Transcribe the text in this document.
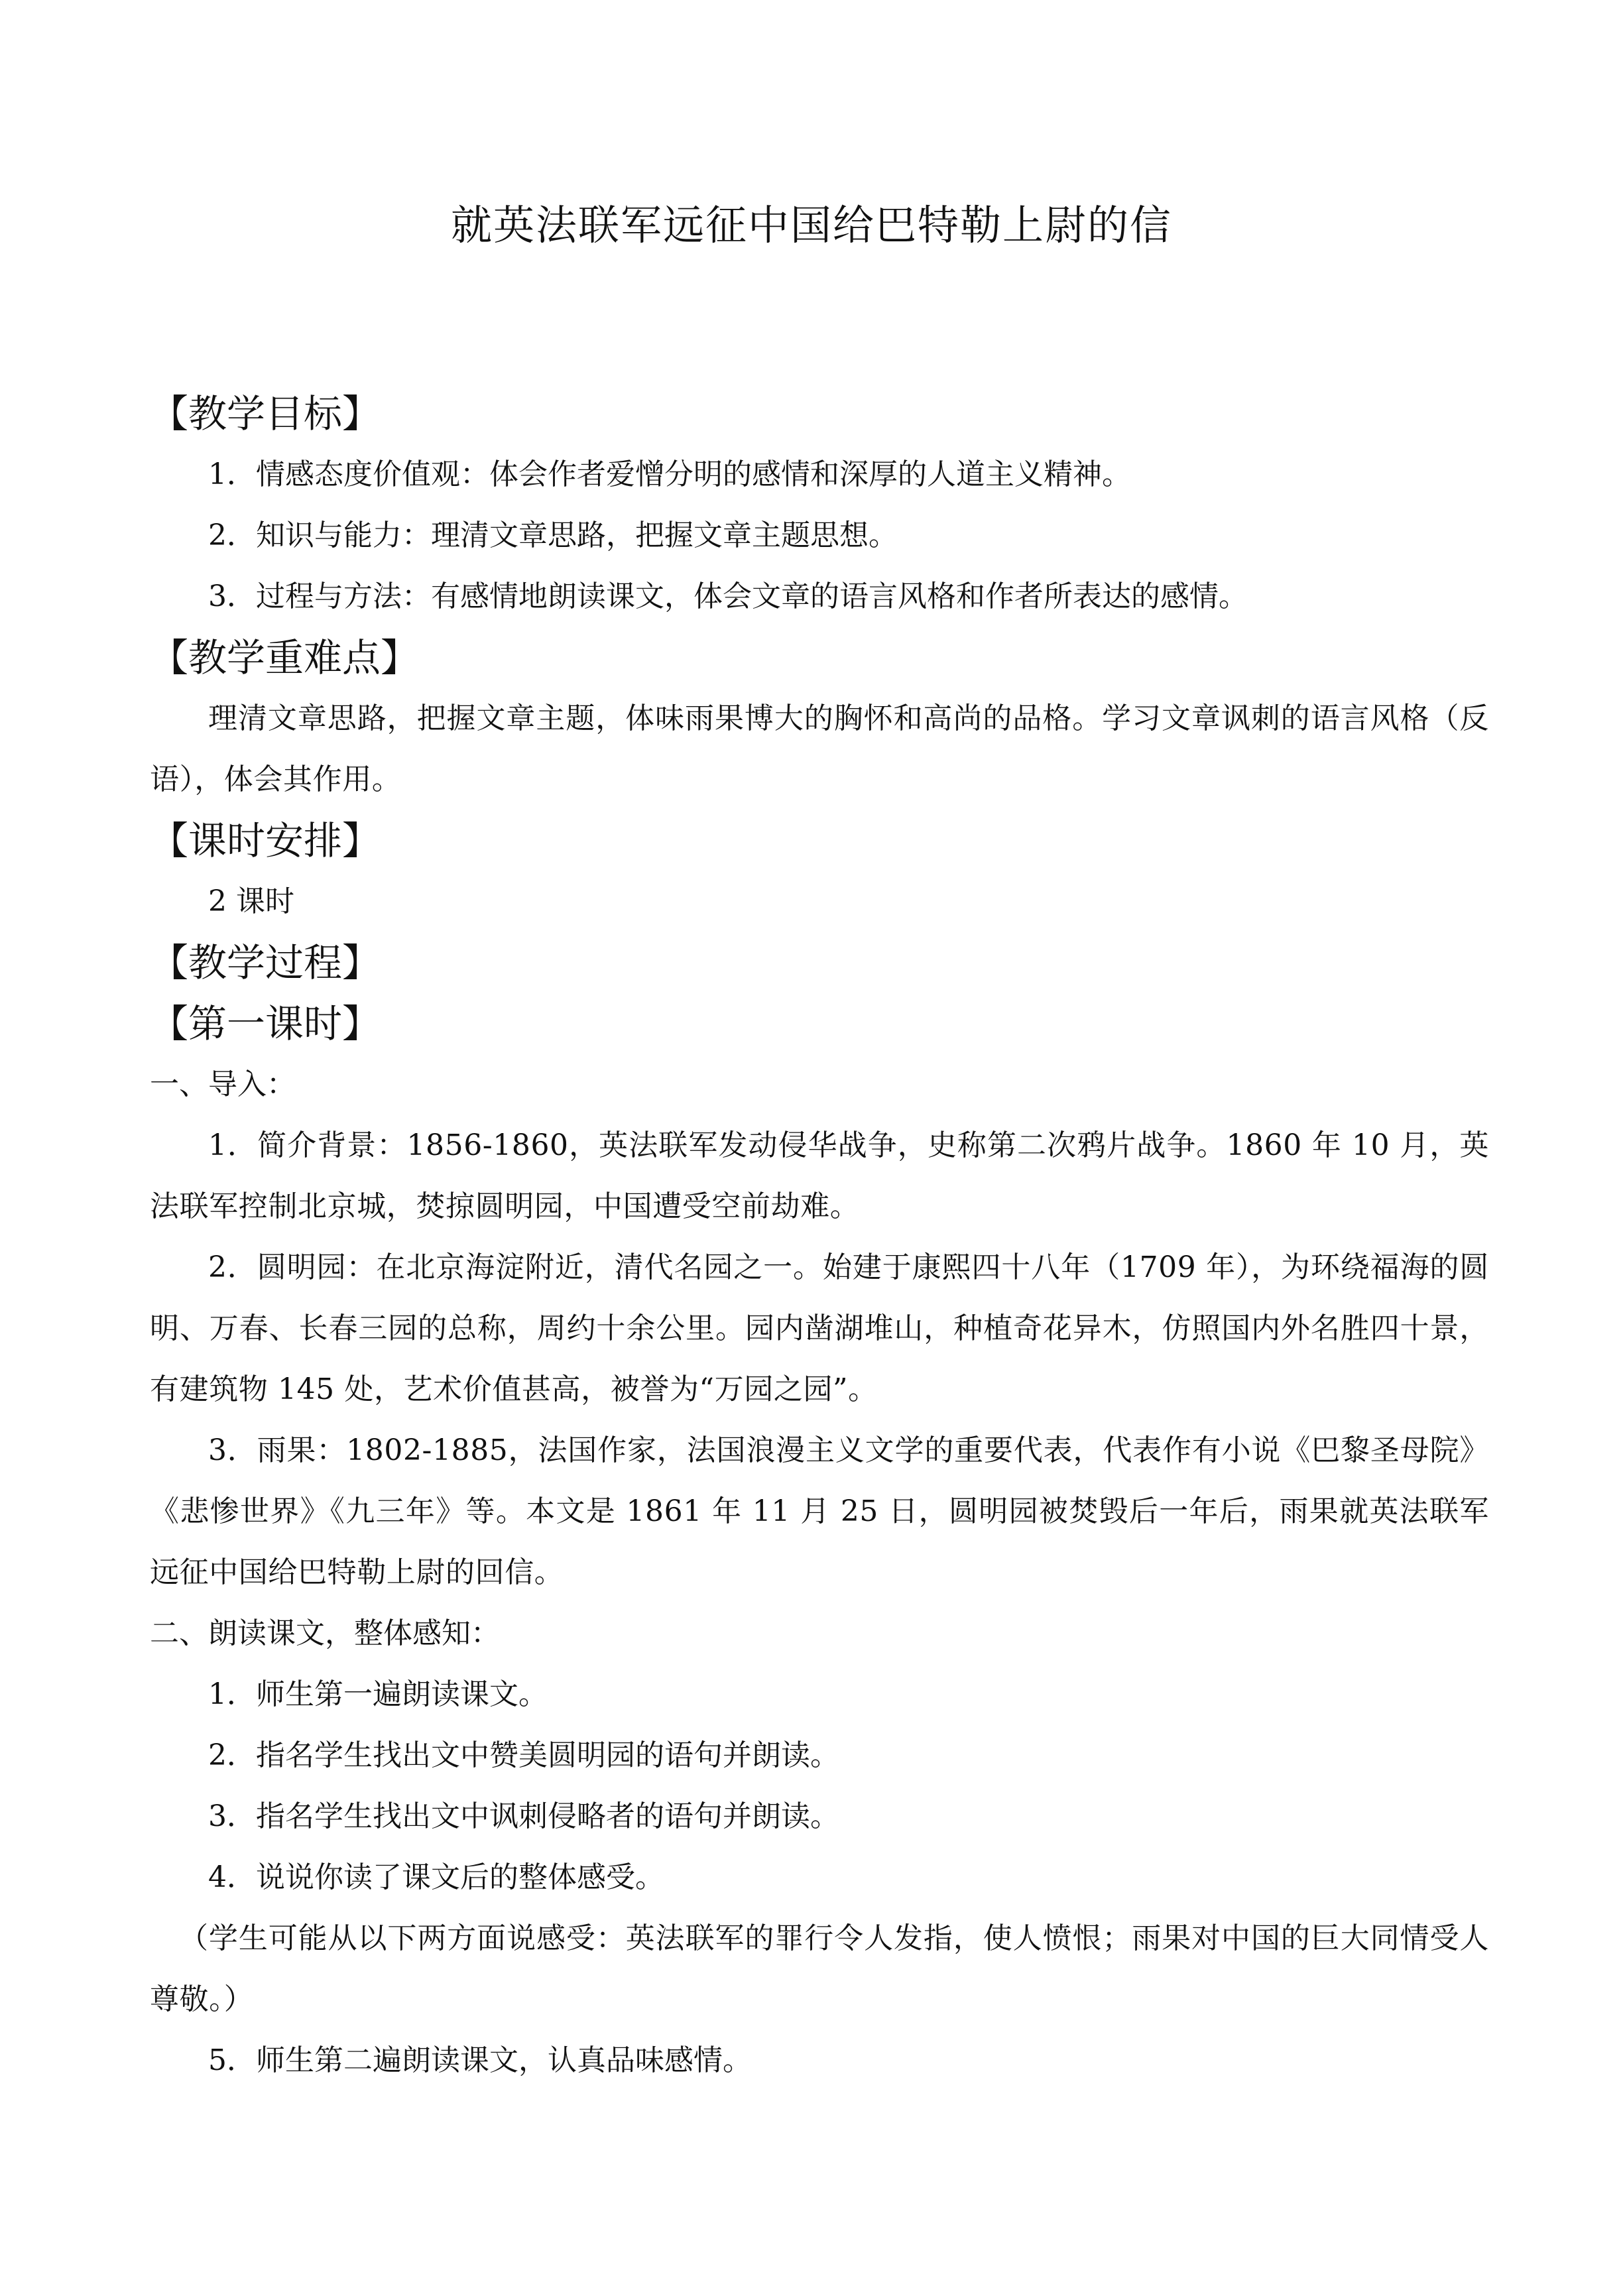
就英法联军远征中国给巴特勒上尉的信

【教学目标】

1．情感态度价值观：体会作者爱憎分明的感情和深厚的人道主义精神。

2．知识与能力：理清文章思路，把握文章主题思想。

3．过程与方法：有感情地朗读课文，体会文章的语言风格和作者所表达的感情。

【教学重难点】

理清文章思路，把握文章主题，体味雨果博大的胸怀和高尚的品格。学习文章讽刺的语言风格（反语），体会其作用。

【课时安排】

2 课时

【教学过程】

【第一课时】

一、导入：

1．简介背景：1856-1860，英法联军发动侵华战争，史称第二次鸦片战争。1860 年 10 月，英法联军控制北京城，焚掠圆明园，中国遭受空前劫难。

2．圆明园：在北京海淀附近，清代名园之一。始建于康熙四十八年（1709 年），为环绕福海的圆明、万春、长春三园的总称，周约十余公里。园内凿湖堆山，种植奇花异木，仿照国内外名胜四十景，有建筑物 145 处，艺术价值甚高，被誉为“万园之园”。

3．雨果：1802-1885，法国作家，法国浪漫主义文学的重要代表，代表作有小说《巴黎圣母院》《悲惨世界》《九三年》等。本文是 1861 年 11 月 25 日，圆明园被焚毁后一年后，雨果就英法联军远征中国给巴特勒上尉的回信。

二、朗读课文，整体感知：

1．师生第一遍朗读课文。

2．指名学生找出文中赞美圆明园的语句并朗读。

3．指名学生找出文中讽刺侵略者的语句并朗读。

4．说说你读了课文后的整体感受。

（学生可能从以下两方面说感受：英法联军的罪行令人发指，使人愤恨；雨果对中国的巨大同情受人尊敬。）

5．师生第二遍朗读课文，认真品味感情。
